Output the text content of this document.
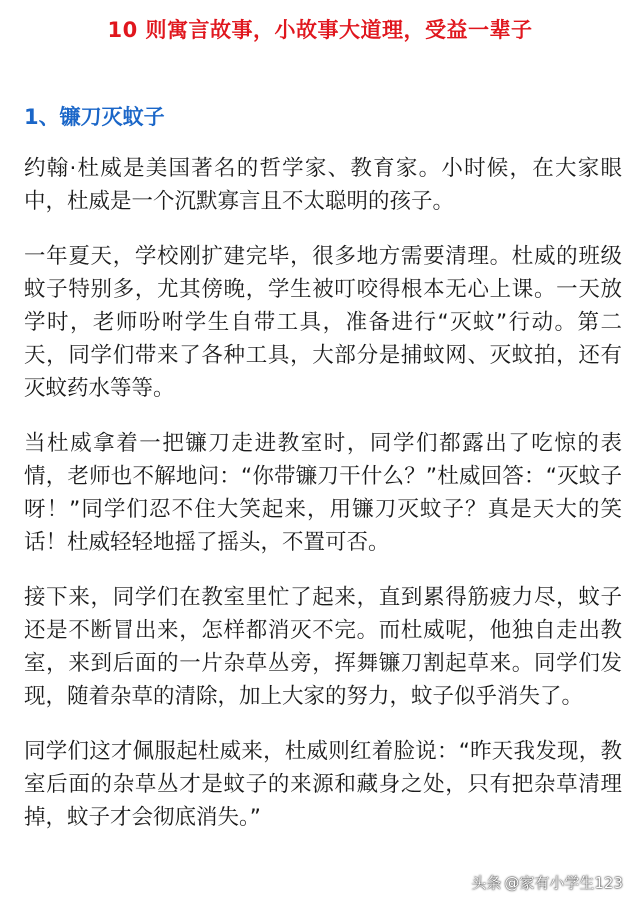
10 则寓言故事，小故事大道理，受益一辈子
1、镰刀灭蚊子

约翰·杜威是美国著名的哲学家、教育家。小时候，在大家眼中，杜威是一个沉默寡言且不太聪明的孩子。

一年夏天，学校刚扩建完毕，很多地方需要清理。杜威的班级蚊子特别多，尤其傍晚，学生被叮咬得根本无心上课。一天放学时，老师吩咐学生自带工具，准备进行“灭蚊”行动。第二天，同学们带来了各种工具，大部分是捕蚊网、灭蚊拍，还有灭蚊药水等等。

当杜威拿着一把镰刀走进教室时，同学们都露出了吃惊的表情，老师也不解地问：“你带镰刀干什么？”杜威回答：“灭蚊子呀！”同学们忍不住大笑起来，用镰刀灭蚊子？真是天大的笑话！杜威轻轻地摇了摇头，不置可否。

接下来，同学们在教室里忙了起来，直到累得筋疲力尽，蚊子还是不断冒出来，怎样都消灭不完。而杜威呢，他独自走出教室，来到后面的一片杂草丛旁，挥舞镰刀割起草来。同学们发现，随着杂草的清除，加上大家的努力，蚊子似乎消失了。

同学们这才佩服起杜威来，杜威则红着脸说：“昨天我发现，教室后面的杂草丛才是蚊子的来源和藏身之处，只有把杂草清理掉，蚊子才会彻底消失。”

头条 @家有小学生123
